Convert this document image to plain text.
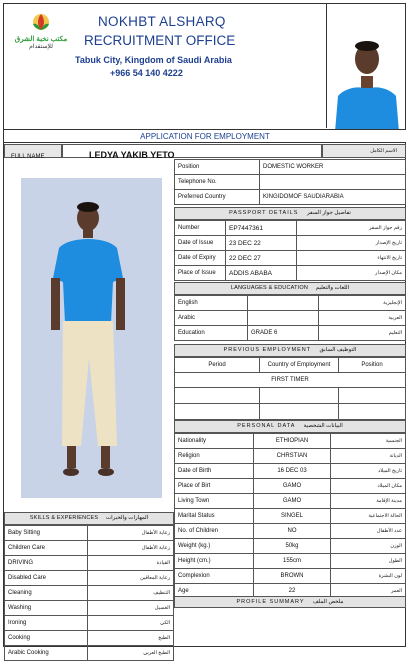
مكتب نخبة الشرق
للإستقدام
NOKHBT ALSHARQ
RECRUITMENT OFFICE
Tabuk City, Kingdom of Saudi Arabia
+966 54 140 4222
APPLICATION FOR EMPLOYMENT
FULL NAME	LEDYA YAKIB YETO	الاسم الكامل
Position	DOMESTIC WORKER
Telephone No.	
Preferred Country	KINGIDOMOF SAUDIARABIA
PASSPORT DETAILS تفاصيل جواز السفر
Number	EP7447361	رقم جواز السفر
Date of Issue	23 DEC 22	تاريخ الإصدار
Date of Expiry	22 DEC 27	تاريخ الانتهاء
Place of Issue	ADDIS ABABA	مكان الإصدار
LANGUAGES & EDUCATION اللغات والتعليم
English		الإنجليزية
Arabic		العربية
Education	GRADE 6	التعليم
PREVIOUS EMPLOYMENT التوظيف السابق
Period	Country of Employment	Position
FIRST TIMER		

PERSONAL DATA البيانات الشخصية
Nationality	ETHIOPIAN	الجنسية
Religion	CHRSTIAN	الديانة
Date of Birth	16 DEC 03	تاريخ الميلاد
Place of Birt	GAMO	مكان الميلاد
Living Town	GAMO	مدينة الإقامة
Marital Status	SINGEL	الحالة الاجتماعية
No. of Children	NO	عدد الأطفال
Weight (kg.)	50kg	الوزن
Height (cm.)	155cm	الطول
Complexion	BROWN	لون البشرة
Age	22	العمر
PROFILE SUMMARY ملخص الملف
SKILLS & EXPERIENCES المهارات والخبرات
Baby Sitting	رعاية الأطفال
Children Care	رعاية الأطفال
DRIVING	القيادة
Disabled Care	رعاية المعاقين
Cleaning	التنظيف
Washing	الغسيل
Ironing	الكي
Cooking	الطبخ
Arabic Cooking	الطبخ العربي
